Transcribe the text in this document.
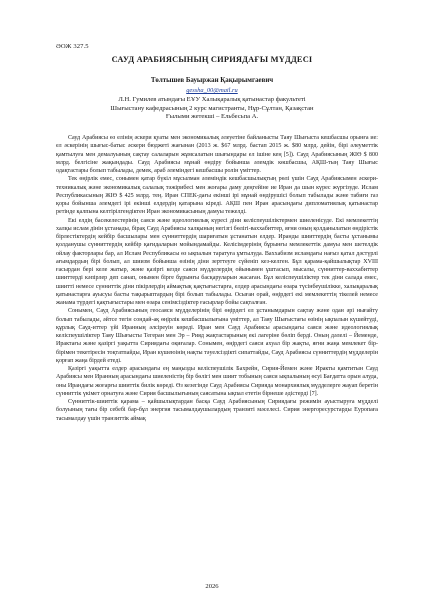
ӘОЖ 327.5
САУД АРАБИЯСЫНЫҢ СИРИЯДАҒЫ МҮДДЕСІ
Төлтышев Бауыржан Қақырымгаевич
gessha_00@mail.ru
Л.Н. Гумилев атындағы ЕҰУ Халықаралық қатынастар факультеті
Шығыстану кафедрасының 2 курс магистранты, Нұр-Сұлтан, Қазақстан
Ғылыми жетекші – Ельбесьпа А.

Сауд Арабиясы өз елінің әскери қуаты мен экономикалық әлеуетіне байланысты Таяу Шығыста кешбасшы орынға ие: ел әскерінің шығыс-батыс әскери бюджеті жағынан (2013 ж. $67 млрд. бастап 2015 ж. $80 млрд. дейін, бірі әлеуметтік қамтылуға мен демалуының сақтау салаларын жұмсалатын шығындары ел ішіне кең [5]). Сауд Арабиясының ЖІӨ $ 800 млрд. белгісіне жақындады. Сауд Арабиясы мұнай өндіру бойынша әлемдік көшбасшы, АҚШ-тың Таяу Шығыс одақтастары болып табылады, демек, араб әлеміндегі кешбасшы ролін үміттер.

Тек өңірлік емес, сонымен қатар бүкіл мұсылман әлеміндік кешбасшылықтың рөлі үшін Сауд Арабиясымен әскери-техникалық және экономикалық салалық тәжірибесі мен жоғары даму деңгейіне ие Иран да шын күрес жүргізуде. Ислам Республикасының ЖІӨ $ 425 млрд. тең. Иран СПЕК-дағы екінші ірі мұнай өндірушісі болып табылады және табиғи газ қоры бойынша әлемдегі ірі екінші елдердің қатарына кіреді. АҚШ пен Иран арасындағы дипломатиялық қатынастар ретінде қалпына келтірілгендіктен Иран экономикасының дамуы тежелді.

Екі елдің басекелестерінің саяси және идеологиялық күресі діни келіспеушіліктермен шиеленісуде. Екі мемлекеттің халқы ислам дінін ұстанады, бірақ Сауд Арабиясы халқының негізгі бөлігі-ваххабиттер, яғни оның қолданылатын өндірістік бірлестіктердің кейбір басшылары мен сүнниттердің шариғатын ұстанатын елдер. Иранды шииттердің басты ұстанымы қолданушы сүнниттердің кейбір қағидаларын мойындамайды. Келісімдерінің бұрынғы мемлекеттік дамуы мен шетелдік ойлау факторлары бар, ал Ислам Республикасы өз ықпалын таратуға ұмтылуда. Ваххабизм исламдағы нағыз қатал дәстүрлі ағымдардың бірі болып, ал шиизм бойынша өзінің діни зерттеуге сүйеніп кез-келген. Бұл қарама-қайшылықтар XVIII ғасырдан бері келе жатыр, және қазіргі кезде саяси мүдделердің ойынымен ұштасып, мысалы, сүнниттер-ваххабиттер шииттерді кәпірлер деп санап, онымен бірге бұрынғы басқаруларын жасаған. Бұл келіспеушіліктер тек діни салада емес, шиитті немесе сүнниттік діни пікірлердің аймақтық қақтығыстарға, елдер арасындағы өзара түсінбеушілікке, халықаралық қатынастарға ауысуы басты тақырыптардың бірі болып табылады. Осыған орай, өңірдегі екі мемлекеттің тікелей немесе жанама түрдегі қақтығыстары мен өзара сенімсіздіктер ғасырлар бойы сақталған.

Сонымен, Сауд Арабиясының геосаяси мүдделерінің бірі өңірдегі ел ұстанымдарын сақтау және одан әрі нығайту болып табылады, әйтсе тегін сондай-ақ өңірлік кешбасшылығына үміттер, ал Таяу Шығыстағы өзінің ықпалын күшейтуді, құрлық Сауд-иттер үйі Иранның әлсіреуін көреді. Иран мен Сауд Арабиясы арасындағы саяси және идеологиялық келіспеушіліктер Таяу Шығысты Тегеран мен Эр – Рияд жақтастарының екі лагеріне бөліп берді. Оның дәлелі – Йеменде, Ирактағы және қазіргі уақытта Сириядағы оқиғалар. Сонымен, өңірдегі саяси ахуал бір жақты, яғни жаңа мемлекет бір-бірімен текетіресін тоқтатпайды, Иран күшеюінің нақты тәуелсіздікті сипаттайды, Сауд Арабиясы сүнниттердің мүдделерін қорғап жаңа бірдей етеді.

Қазіргі уақытта елдер арасындағы ең маңызды келіспеушілік Бахрейн, Сирия-Йемен және Иракты қамтитын Сауд Арабиясы мен Иранның арасындағы шиеленістің бір бөлігі мен шиит тобының саяси ықпалының өсуі Бағдатта орын алуда, оны Ирандағы жоғарғы шииттік билік көреді. Өз кезегінде Сауд Арабиясы Сирияда монархиялық мүдделерге жауап беретін сүнниттік үкімет орнатуға және Сирия басшылығының саясатына ықпал ететін бірнеше әдістерді [7].

Сүнниттік-шииттік қарама – қайшылықтардан басқа Сауд Арабиясының Сириядағы режимін ауыстыруға мүдделі болуының тағы бір себебі бар-бұл энергия тасымалдаушылардың транзиті мәселесі. Сирия энергоресурстарды Еуропаға тасымалдау үшін транзиттік аймақ

2026
